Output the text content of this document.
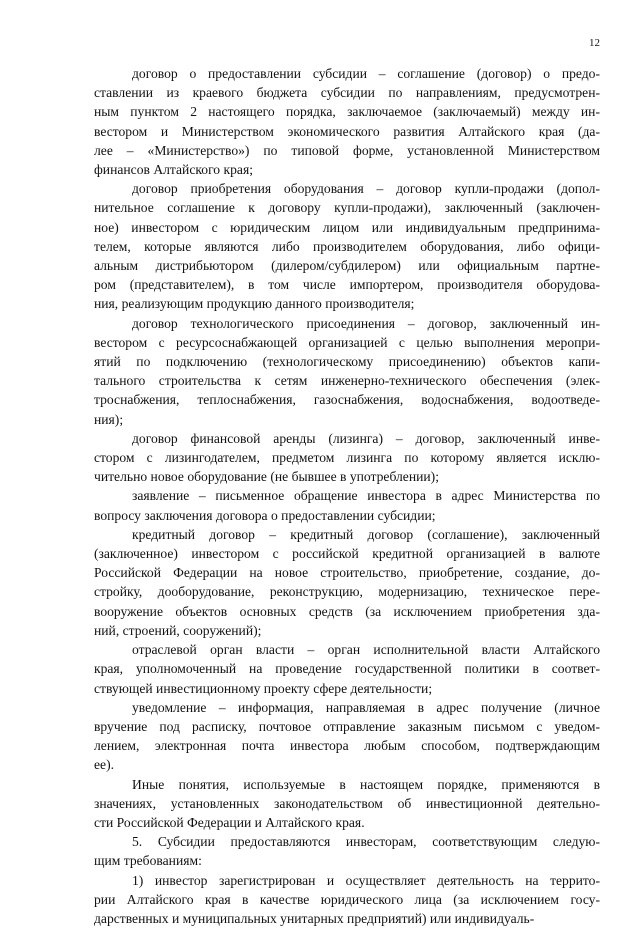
12
договор о предоставлении субсидии – соглашение (договор) о предо-
ставлении из краевого бюджета субсидии по направлениям, предусмотрен-
ным пунктом 2 настоящего порядка, заключаемое (заключаемый) между ин-
вестором и Министерством экономического развития Алтайского края (да-
лее – «Министерство») по типовой форме, установленной Министерством
финансов Алтайского края;
договор приобретения оборудования – договор купли-продажи (допол-
нительное соглашение к договору купли-продажи), заключенный (заключен-
ное) инвестором с юридическим лицом или индивидуальным предпринима-
телем, которые являются либо производителем оборудования, либо офици-
альным дистрибьютором (дилером/субдилером) или официальным партне-
ром (представителем), в том числе импортером, производителя оборудова-
ния, реализующим продукцию данного производителя;
договор технологического присоединения – договор, заключенный ин-
вестором с ресурсоснабжающей организацией с целью выполнения меропри-
ятий по подключению (технологическому присоединению) объектов капи-
тального строительства к сетям инженерно-технического обеспечения (элек-
троснабжения, теплоснабжения, газоснабжения, водоснабжения, водоотведе-
ния);
договор финансовой аренды (лизинга) – договор, заключенный инве-
стором с лизингодателем, предметом лизинга по которому является исклю-
чительно новое оборудование (не бывшее в употреблении);
заявление – письменное обращение инвестора в адрес Министерства по
вопросу заключения договора о предоставлении субсидии;
кредитный договор – кредитный договор (соглашение), заключенный
(заключенное) инвестором с российской кредитной организацией в валюте
Российской Федерации на новое строительство, приобретение, создание, до-
стройку, дооборудование, реконструкцию, модернизацию, техническое пере-
вооружение объектов основных средств (за исключением приобретения зда-
ний, строений, сооружений);
отраслевой орган власти – орган исполнительной власти Алтайского
края, уполномоченный на проведение государственной политики в соответ-
ствующей инвестиционному проекту сфере деятельности;
уведомление – информация, направляемая в адрес получение (личное
вручение под расписку, почтовое отправление заказным письмом с уведом-
лением, электронная почта инвестора любым способом, подтверждающим
ее).
Иные понятия, используемые в настоящем порядке, применяются в
значениях, установленных законодательством об инвестиционной деятельно-
сти Российской Федерации и Алтайского края.
5. Субсидии предоставляются инвесторам, соответствующим следую-
щим требованиям:
1) инвестор зарегистрирован и осуществляет деятельность на террито-
рии Алтайского края в качестве юридического лица (за исключением госу-
дарственных и муниципальных унитарных предприятий) или индивидуаль-
